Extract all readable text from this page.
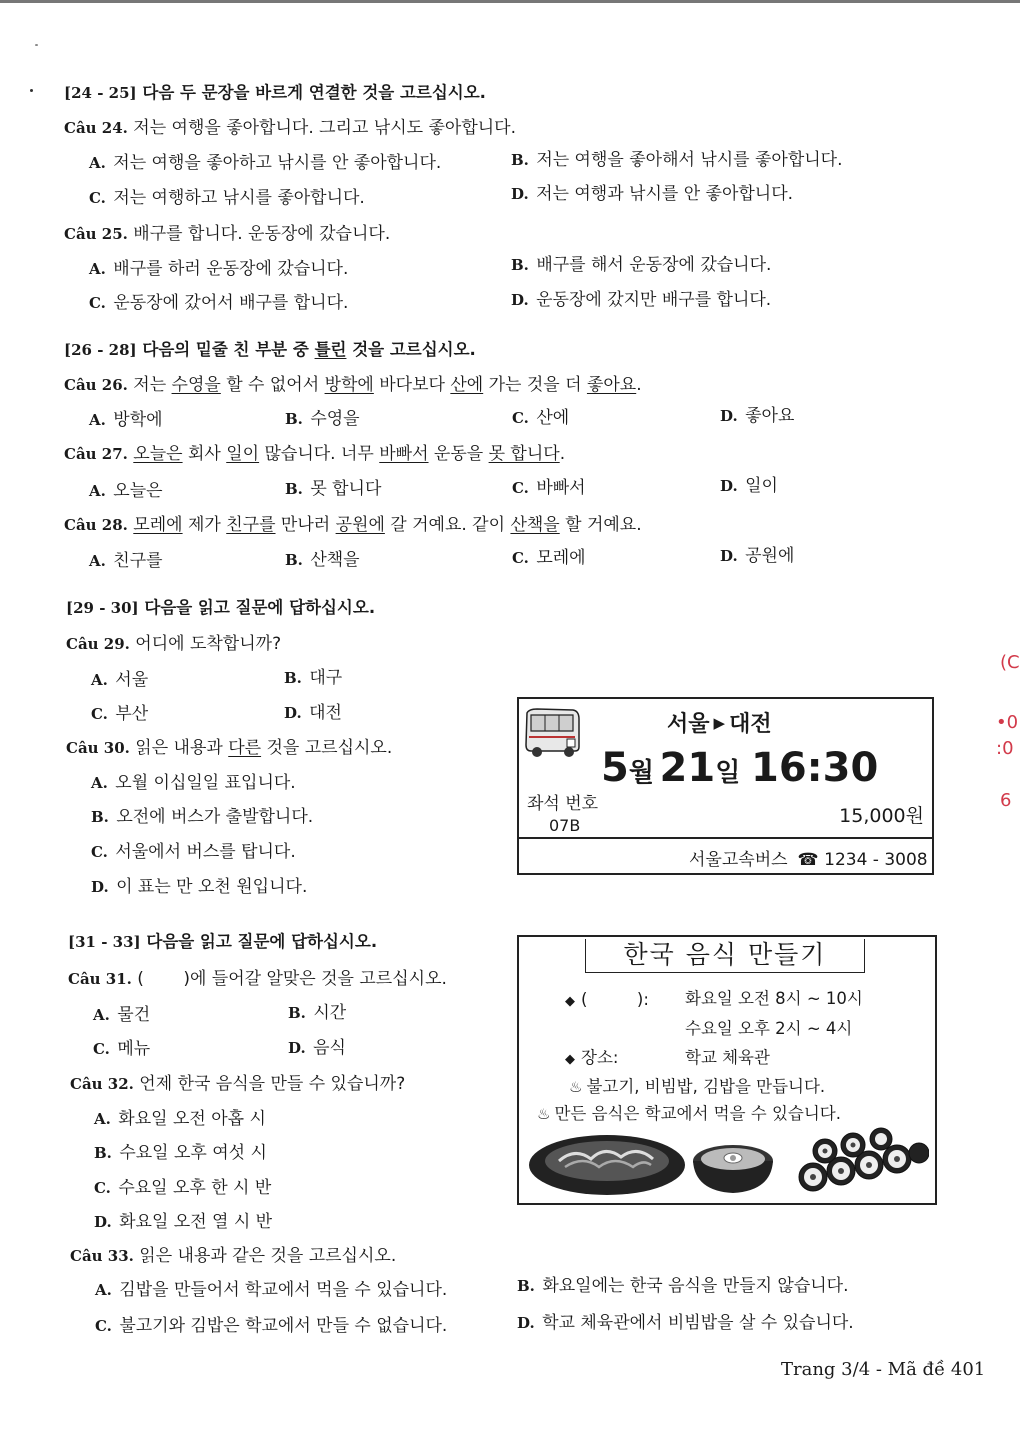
[24 - 25] 다음 두 문장을 바르게 연결한 것을 고르십시오.
Câu 24. 저는 여행을 좋아합니다. 그리고 낚시도 좋아합니다.
A. 저는 여행을 좋아하고 낚시를 안 좋아합니다.	B. 저는 여행을 좋아해서 낚시를 좋아합니다.
C. 저는 여행하고 낚시를 좋아합니다.	D. 저는 여행과 낚시를 안 좋아합니다.
Câu 25. 배구를 합니다. 운동장에 갔습니다.
A. 배구를 하러 운동장에 갔습니다.	B. 배구를 해서 운동장에 갔습니다.
C. 운동장에 갔어서 배구를 합니다.	D. 운동장에 갔지만 배구를 합니다.
[26 - 28] 다음의 밑줄 친 부분 중 틀린 것을 고르십시오.
Câu 26. 저는 수영을 할 수 없어서 방학에 바다보다 산에 가는 것을 더 좋아요.
A. 방학에	B. 수영을	C. 산에	D. 좋아요
Câu 27. 오늘은 회사 일이 많습니다. 너무 바빠서 운동을 못 합니다.
A. 오늘은	B. 못 합니다	C. 바빠서	D. 일이
Câu 28. 모레에 제가 친구를 만나러 공원에 갈 거예요. 같이 산책을 할 거예요.
A. 친구를	B. 산책을	C. 모레에	D. 공원에
[29 - 30] 다음을 읽고 질문에 답하십시오.
Câu 29. 어디에 도착합니까?
A. 서울	B. 대구
C. 부산	D. 대전
Câu 30. 읽은 내용과 다른 것을 고르십시오.
A. 오월 이십일일 표입니다.
B. 오전에 버스가 출발합니다.
C. 서울에서 버스를 탑니다.
D. 이 표는 만 오천 원입니다.
서울 ▶ 대전
5월 21일 16:30
좌석 번호
07B	15,000원
서울고속버스 ☎ 1234 - 3008
[31 - 33] 다음을 읽고 질문에 답하십시오.
Câu 31. (　　 )에 들어갈 알맞은 것을 고르십시오.
A. 물건	B. 시간
C. 메뉴	D. 음식
Câu 32. 언제 한국 음식을 만들 수 있습니까?
A. 화요일 오전 아홉 시
B. 수요일 오후 여섯 시
C. 수요일 오후 한 시 반
D. 화요일 오전 열 시 반
Câu 33. 읽은 내용과 같은 것을 고르십시오.
A. 김밥을 만들어서 학교에서 먹을 수 있습니다.	B. 화요일에는 한국 음식을 만들지 않습니다.
C. 불고기와 김밥은 학교에서 만들 수 없습니다.	D. 학교 체육관에서 비빔밥을 살 수 있습니다.
한국 음식 만들기
◆ (　　　): 화요일 오전 8시 ~ 10시
수요일 오후 2시 ~ 4시
◆ 장소:	학교 체육관
♨ 불고기, 비빔밥, 김밥을 만듭니다.
♨ 만든 음식은 학교에서 먹을 수 있습니다.
(C
•0
:0
6
Trang 3/4 - Mã đề 401
